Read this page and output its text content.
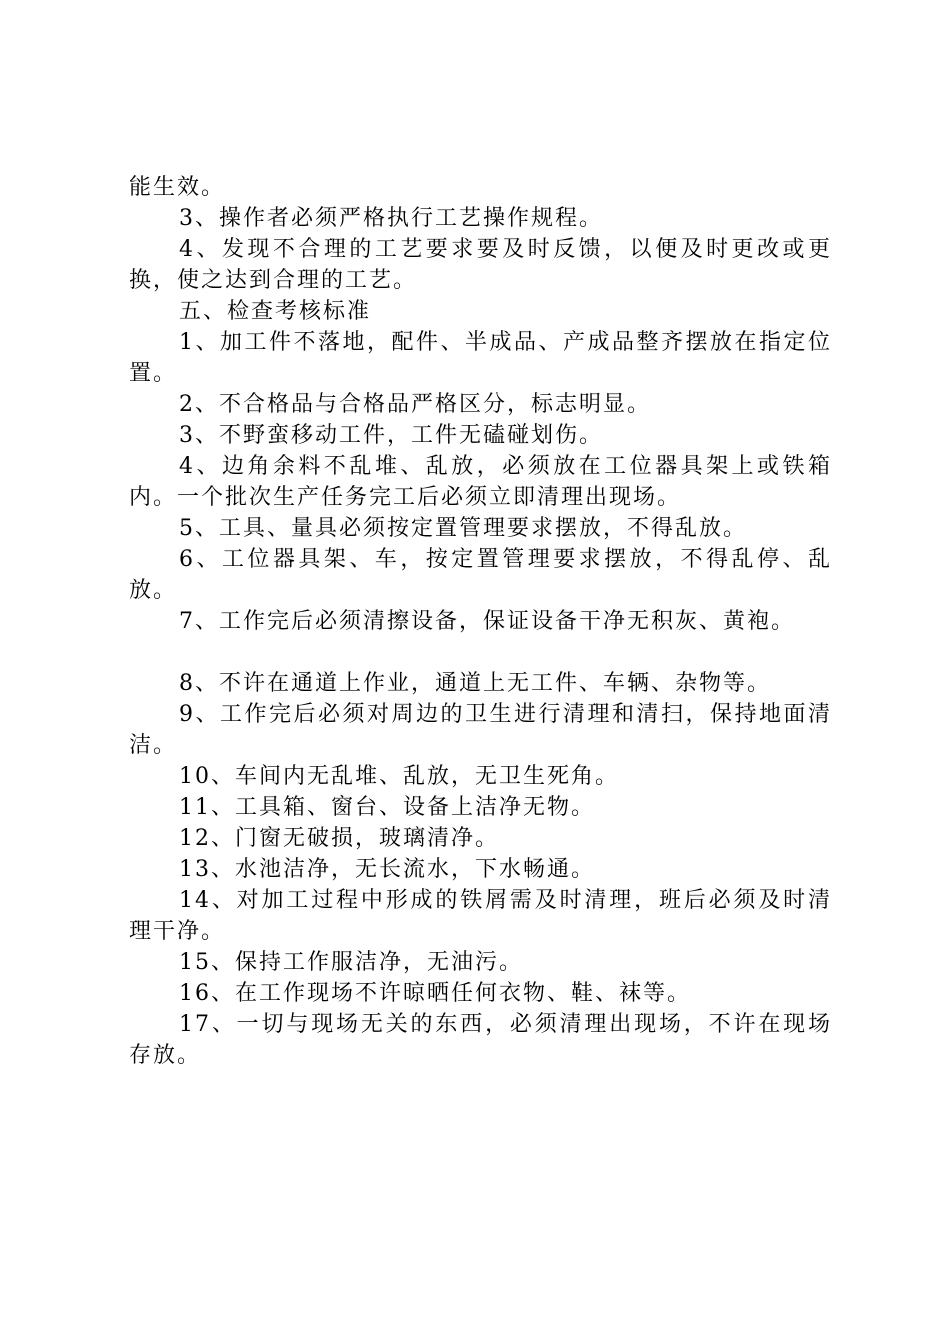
能生效。

3、操作者必须严格执行工艺操作规程。

4、发现不合理的工艺要求要及时反馈，以便及时更改或更换，使之达到合理的工艺。

五、检查考核标准

1、加工件不落地，配件、半成品、产成品整齐摆放在指定位置。

2、不合格品与合格品严格区分，标志明显。

3、不野蛮移动工件，工件无磕碰划伤。

4、边角余料不乱堆、乱放，必须放在工位器具架上或铁箱内。一个批次生产任务完工后必须立即清理出现场。

5、工具、量具必须按定置管理要求摆放，不得乱放。

6、工位器具架、车，按定置管理要求摆放，不得乱停、乱放。

7、工作完后必须清擦设备，保证设备干净无积灰、黄袍。

8、不许在通道上作业，通道上无工件、车辆、杂物等。

9、工作完后必须对周边的卫生进行清理和清扫，保持地面清洁。

10、车间内无乱堆、乱放，无卫生死角。

11、工具箱、窗台、设备上洁净无物。

12、门窗无破损，玻璃清净。

13、水池洁净，无长流水，下水畅通。

14、对加工过程中形成的铁屑需及时清理，班后必须及时清理干净。

15、保持工作服洁净，无油污。

16、在工作现场不许晾晒任何衣物、鞋、袜等。

17、一切与现场无关的东西，必须清理出现场，不许在现场存放。
